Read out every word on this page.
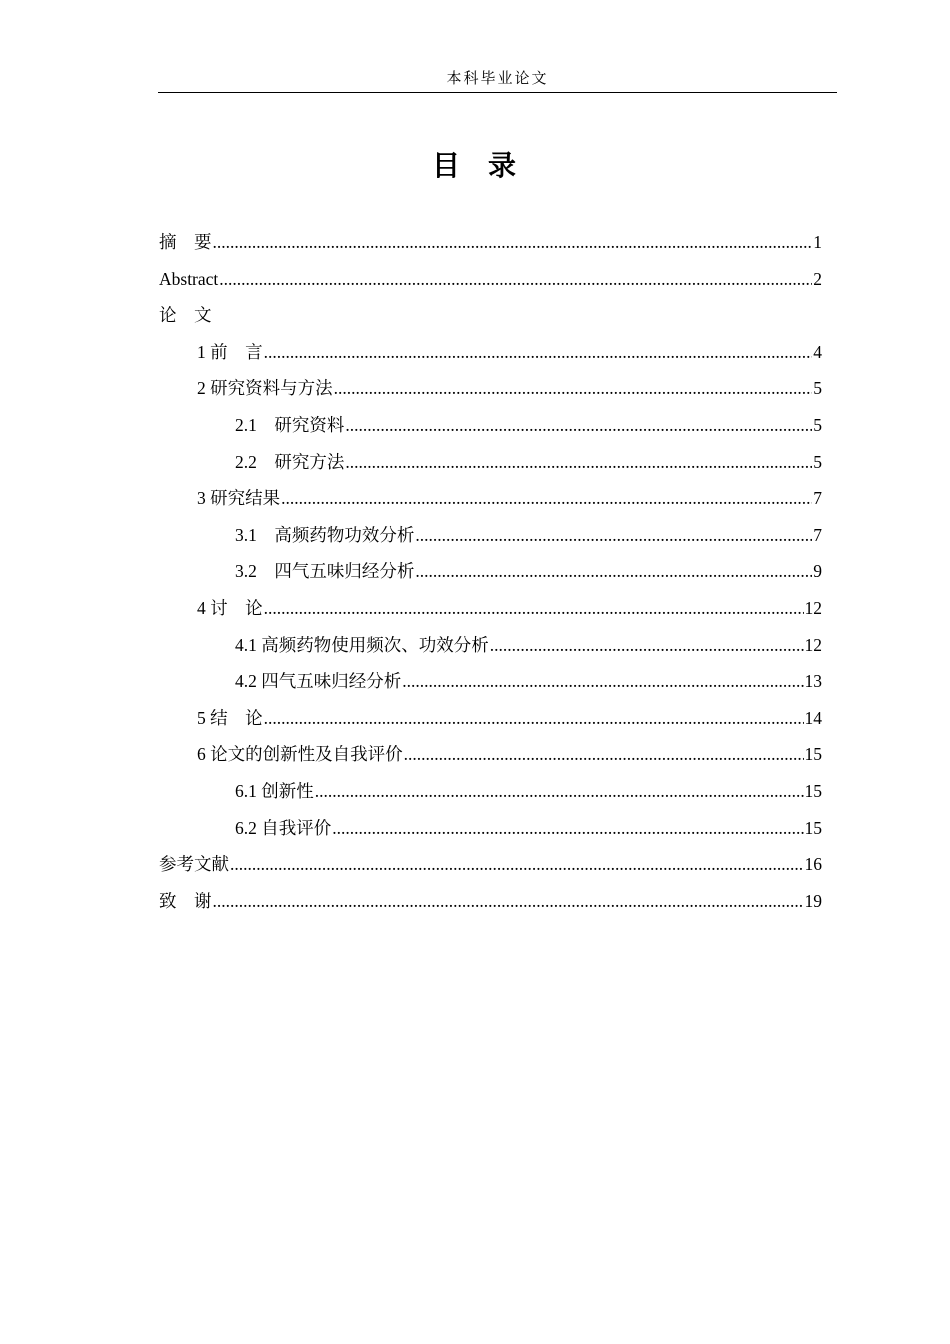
本科毕业论文
目 录
摘　要 .....	1
Abstract .....	2
论　文
1 前　言 .....	4
2 研究资料与方法 .....	5
2.1　研究资料 .....	5
2.2　研究方法 .....	5
3 研究结果 .....	7
3.1　高频药物功效分析 .....	7
3.2　四气五味归经分析 .....	9
4 讨　论 .....	12
4.1 高频药物使用频次、功效分析 .....	12
4.2 四气五味归经分析 .....	13
5 结　论 .....	14
6 论文的创新性及自我评价 .....	15
6.1 创新性 .....	15
6.2 自我评价 .....	15
参考文献 .....	16
致　谢 .....	19
